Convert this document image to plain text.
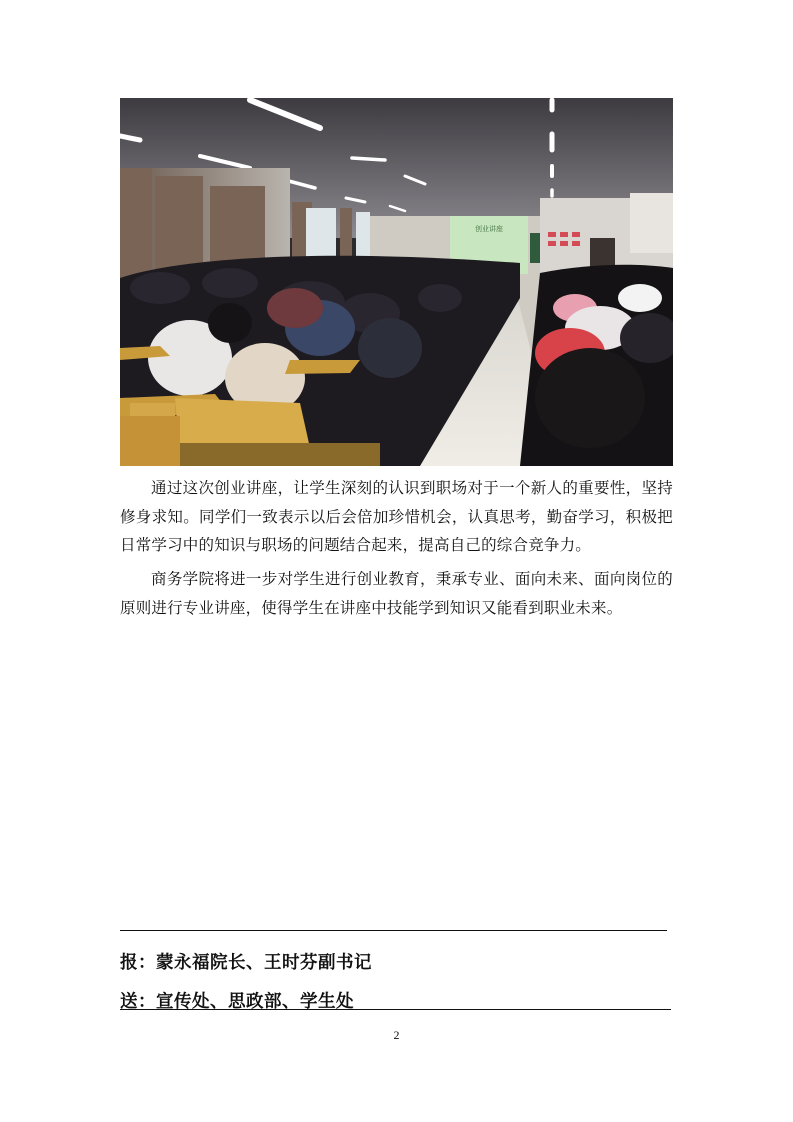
创业讲座

通过这次创业讲座，让学生深刻的认识到职场对于一个新人的重要性，坚持修身求知。同学们一致表示以后会倍加珍惜机会，认真思考，勤奋学习，积极把日常学习中的知识与职场的问题结合起来，提高自己的综合竞争力。

商务学院将进一步对学生进行创业教育，秉承专业、面向未来、面向岗位的原则进行专业讲座，使得学生在讲座中技能学到知识又能看到职业未来。

报：蒙永福院长、王时芬副书记
送：宣传处、思政部、学生处
2
